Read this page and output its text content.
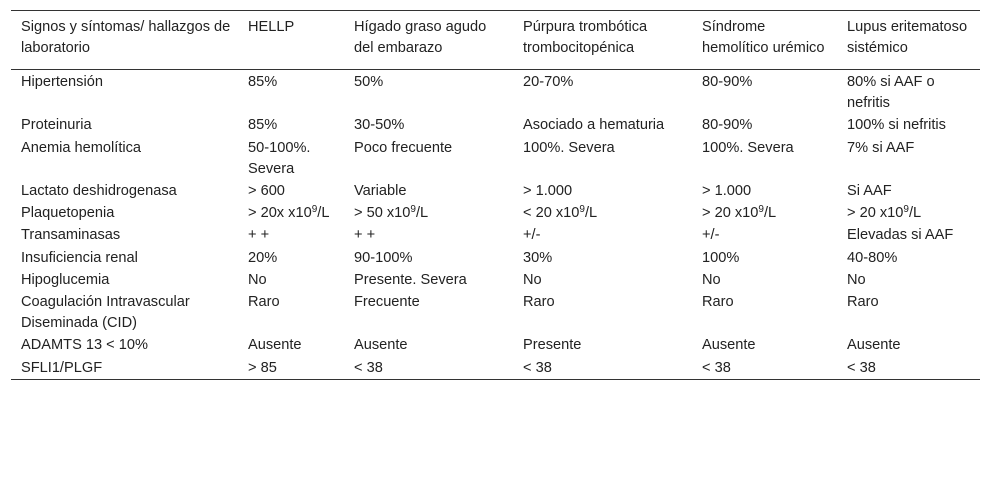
Signos y síntomas/ hallazgos de laboratorio	HELLP	Hígado graso agudo del embarazo	Púrpura trombótica trombocitopénica	Síndrome hemolítico urémico	Lupus eritematoso sistémico
Hipertensión	85%	50%	20-70%	80-90%	80% si AAF o nefritis
Proteinuria	85%	30-50%	Asociado a hematuria	80-90%	100% si nefritis
Anemia hemolítica	50-100%. Severa	Poco frecuente	100%. Severa	100%. Severa	7% si AAF
Lactato deshidrogenasa	> 600	Variable	> 1.000	> 1.000	Si AAF
Plaquetopenia	> 20x $x10^9/L$	> 50 $x10^9/L$	< 20 $x10^9/L$	> 20 $x10^9/L$	> 20 $x10^9/L$
Transaminasas	+ +	+ +	+/-	+/-	Elevadas si AAF
Insuficiencia renal	20%	90-100%	30%	100%	40-80%
Hipoglucemia	No	Presente. Severa	No	No	No
Coagulación Intravascular Diseminada (CID)	Raro	Frecuente	Raro	Raro	Raro
ADAMTS 13 < 10%	Ausente	Ausente	Presente	Ausente	Ausente
SFLI1/PLGF	> 85	< 38	< 38	< 38	< 38
